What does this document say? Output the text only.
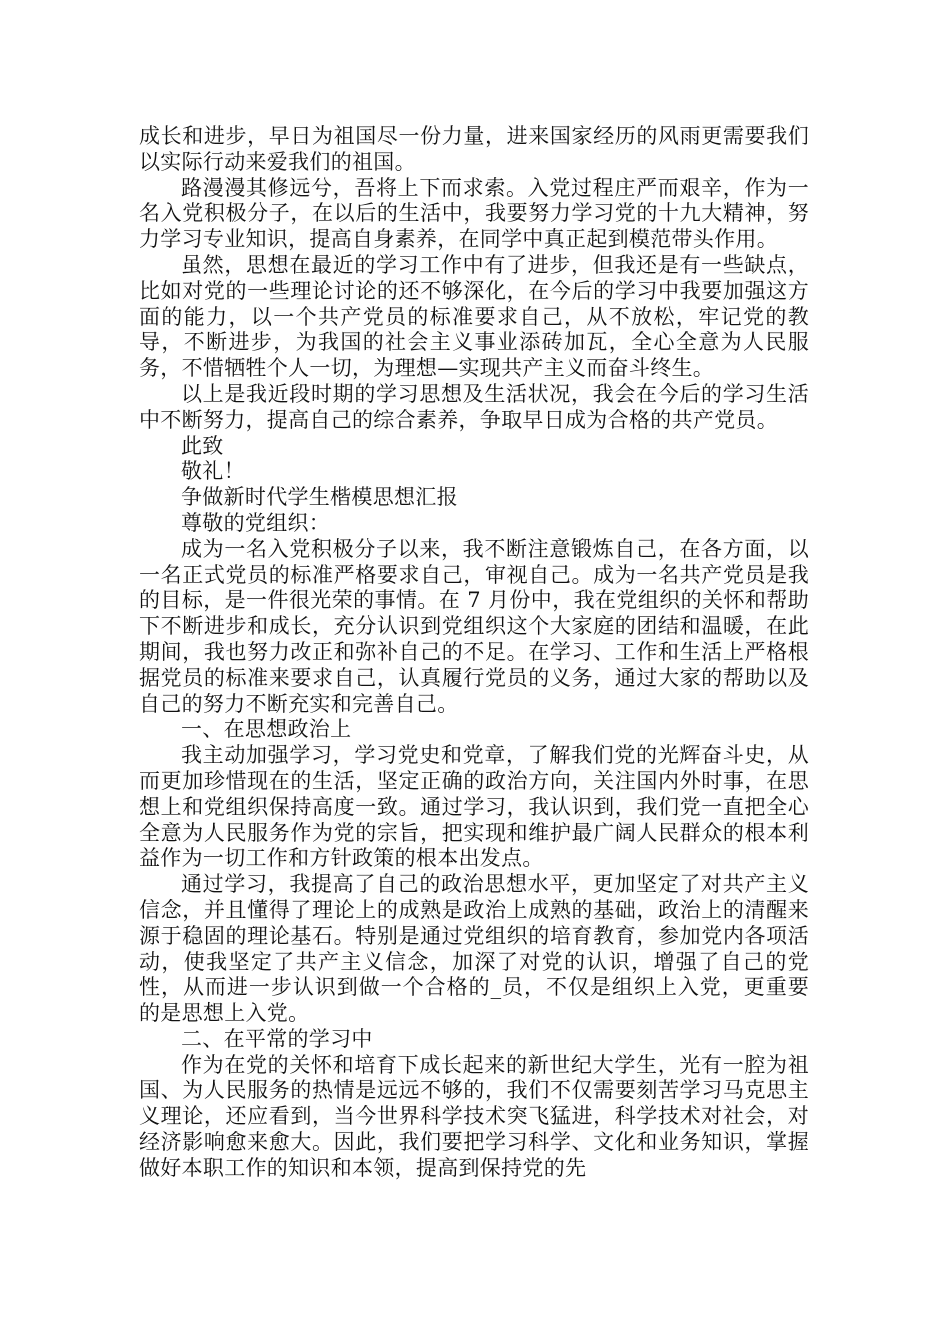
成长和进步，早日为祖国尽一份力量，进来国家经历的风雨更需要我们以实际行动来爱我们的祖国。

路漫漫其修远兮，吾将上下而求索。入党过程庄严而艰辛，作为一名入党积极分子，在以后的生活中，我要努力学习党的十九大精神，努力学习专业知识，提高自身素养，在同学中真正起到模范带头作用。

虽然，思想在最近的学习工作中有了进步，但我还是有一些缺点，比如对党的一些理论讨论的还不够深化，在今后的学习中我要加强这方面的能力，以一个共产党员的标准要求自己，从不放松，牢记党的教导，不断进步，为我国的社会主义事业添砖加瓦，全心全意为人民服务，不惜牺牲个人一切，为理想—实现共产主义而奋斗终生。

以上是我近段时期的学习思想及生活状况，我会在今后的学习生活中不断努力，提高自己的综合素养，争取早日成为合格的共产党员。

此致

敬礼！

争做新时代学生楷模思想汇报

尊敬的党组织：

成为一名入党积极分子以来，我不断注意锻炼自己，在各方面，以一名正式党员的标准严格要求自己，审视自己。成为一名共产党员是我的目标，是一件很光荣的事情。在 7 月份中，我在党组织的关怀和帮助下不断进步和成长，充分认识到党组织这个大家庭的团结和温暖，在此期间，我也努力改正和弥补自己的不足。在学习、工作和生活上严格根据党员的标准来要求自己，认真履行党员的义务，通过大家的帮助以及自己的努力不断充实和完善自己。

一、在思想政治上

我主动加强学习，学习党史和党章，了解我们党的光辉奋斗史，从而更加珍惜现在的生活，坚定正确的政治方向，关注国内外时事，在思想上和党组织保持高度一致。通过学习，我认识到，我们党一直把全心全意为人民服务作为党的宗旨，把实现和维护最广阔人民群众的根本利益作为一切工作和方针政策的根本出发点。

通过学习，我提高了自己的政治思想水平，更加坚定了对共产主义信念，并且懂得了理论上的成熟是政治上成熟的基础，政治上的清醒来源于稳固的理论基石。特别是通过党组织的培育教育，参加党内各项活动，使我坚定了共产主义信念，加深了对党的认识，增强了自己的党性，从而进一步认识到做一个合格的_员，不仅是组织上入党，更重要的是思想上入党。

二、在平常的学习中

作为在党的关怀和培育下成长起来的新世纪大学生，光有一腔为祖国、为人民服务的热情是远远不够的，我们不仅需要刻苦学习马克思主义理论，还应看到，当今世界科学技术突飞猛进，科学技术对社会，对经济影响愈来愈大。因此，我们要把学习科学、文化和业务知识，掌握做好本职工作的知识和本领，提高到保持党的先
